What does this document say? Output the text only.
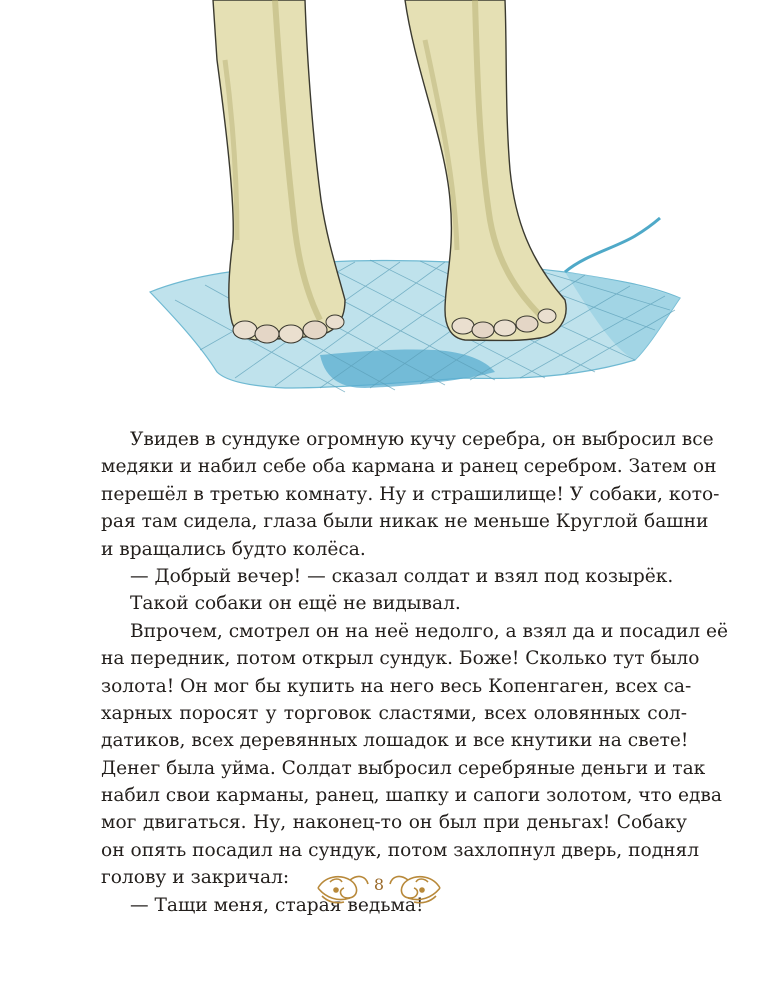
Увидев в сундуке огромную кучу серебра, он выбросил все
медяки и набил себе оба кармана и ранец серебром. Затем он
перешёл в третью комнату. Ну и страшилище! У собаки, кото-
рая там сидела, глаза были никак не меньше Круглой башни
и вращались будто колёса.
— Добрый вечер! — сказал солдат и взял под козырёк.
Такой собаки он ещё не видывал.
Впрочем, смотрел он на неё недолго, а взял да и посадил её
на передник, потом открыл сундук. Боже! Сколько тут было
золота! Он мог бы купить на него весь Копенгаген, всех са-
харных поросят у торговок сластями, всех оловянных сол-
датиков, всех деревянных лошадок и все кнутики на свете!
Денег была уйма. Солдат выбросил серебряные деньги и так
набил свои карманы, ранец, шапку и сапоги золотом, что едва
мог двигаться. Ну, наконец-то он был при деньгах! Собаку
он опять посадил на сундук, потом захлопнул дверь, поднял
голову и закричал:
— Тащи меня, старая ведьма!
8
